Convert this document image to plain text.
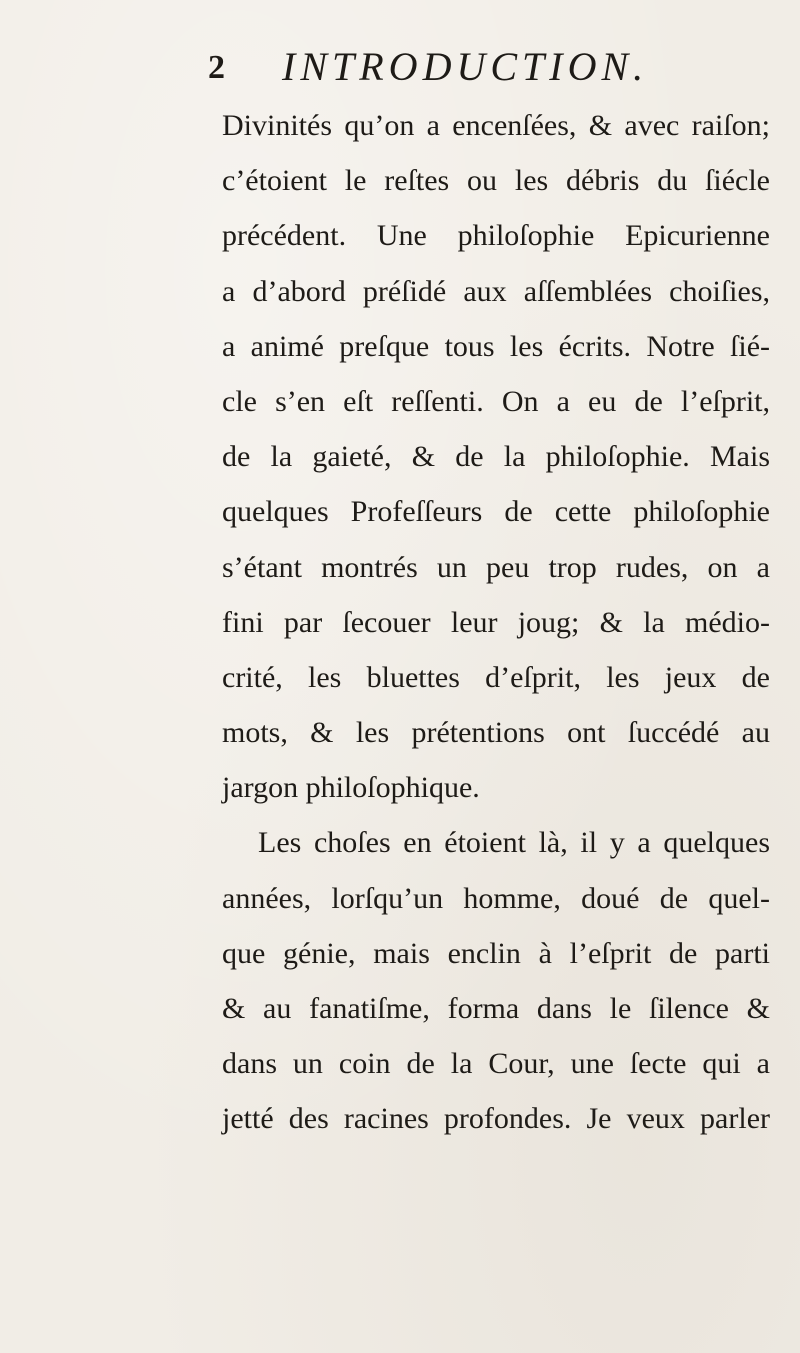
2 INTRODUCTION.
Divinités qu’on a encenſées, & avec raiſon;
c’étoient le reſtes ou les débris du ſiécle
précédent. Une philoſophie Epicurienne
a d’abord préſidé aux aſſemblées choiſies,
a animé preſque tous les écrits. Notre ſié-
cle s’en eſt reſſenti. On a eu de l’eſprit,
de la gaieté, & de la philoſophie. Mais
quelques Profeſſeurs de cette philoſophie
s’étant montrés un peu trop rudes, on a
fini par ſecouer leur joug; & la médio-
crité, les bluettes d’eſprit, les jeux de
mots, & les prétentions ont ſuccédé au
jargon philoſophique.
Les choſes en étoient là, il y a quelques
années, lorſqu’un homme, doué de quel-
que génie, mais enclin à l’eſprit de parti
& au fanatiſme, forma dans le ſilence &
dans un coin de la Cour, une ſecte qui a
jetté des racines profondes. Je veux parler
